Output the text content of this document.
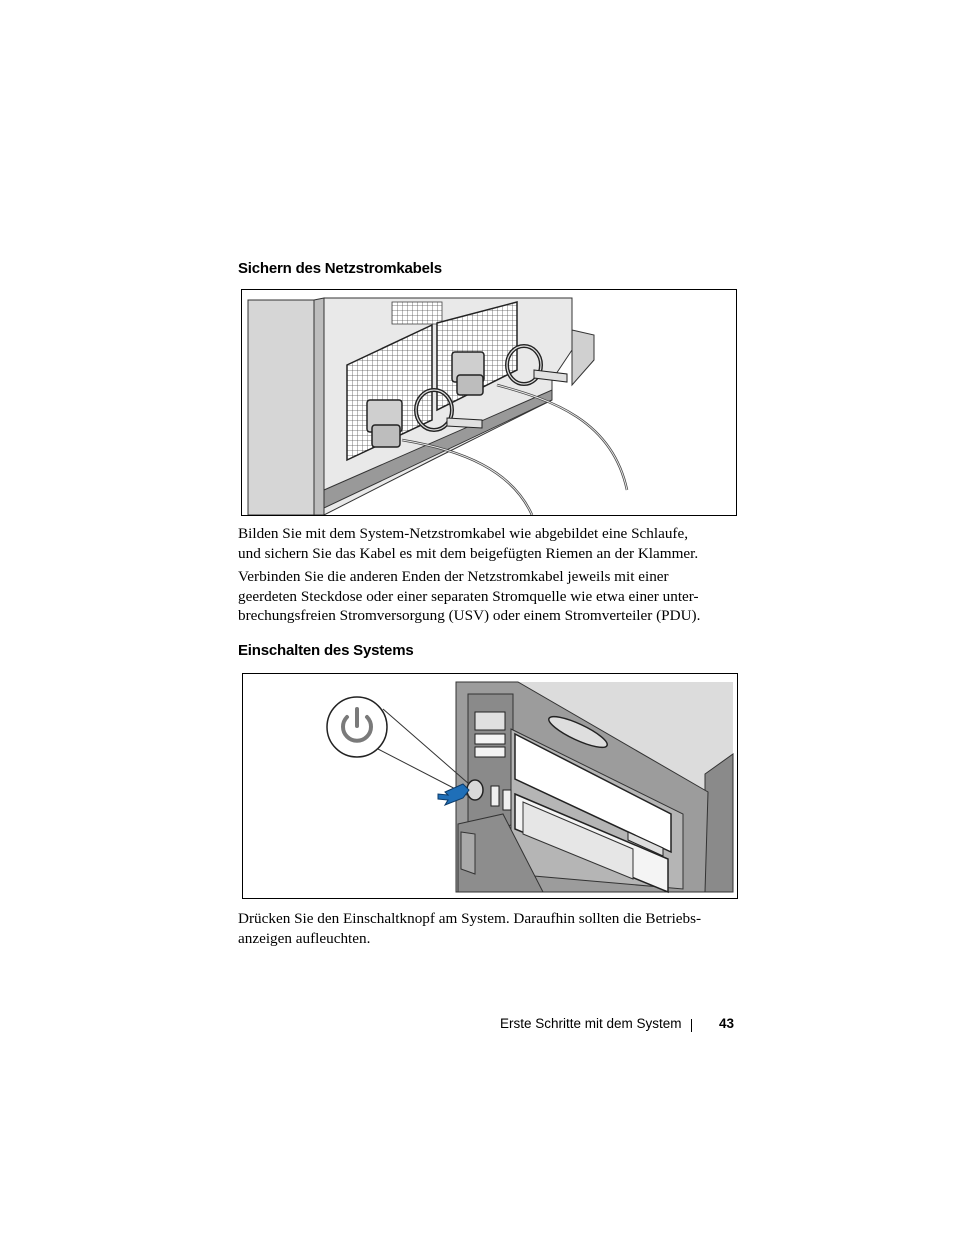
Sichern des Netzstromkabels
Bilden Sie mit dem System-Netzstromkabel wie abgebildet eine Schlaufe,
und sichern Sie das Kabel es mit dem beigefügten Riemen an der Klammer.
Verbinden Sie die anderen Enden der Netzstromkabel jeweils mit einer
geerdeten Steckdose oder einer separaten Stromquelle wie etwa einer unter-
brechungsfreien Stromversorgung (USV) oder einem Stromverteiler (PDU).
Einschalten des Systems
Drücken Sie den Einschaltknopf am System. Daraufhin sollten die Betriebs-
anzeigen aufleuchten.
Erste Schritte mit dem System	43
